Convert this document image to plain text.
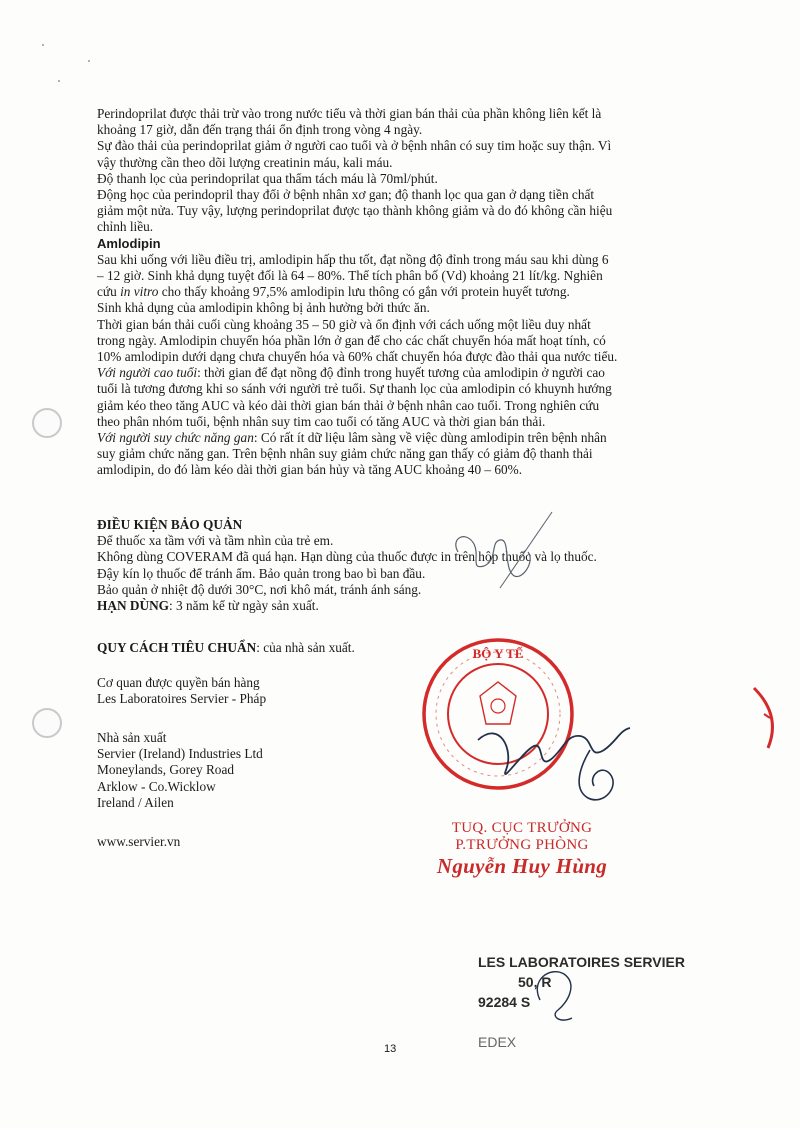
Perindoprilat được thải trừ vào trong nước tiểu và thời gian bán thải của phần không liên kết là

khoảng 17 giờ, dẫn đến trạng thái ổn định trong vòng 4 ngày.

Sự đào thải của perindoprilat giảm ở người cao tuổi và ở bệnh nhân có suy tim hoặc suy thận. Vì

vậy thường cần theo dõi lượng creatinin máu, kali máu.

Độ thanh lọc của perindoprilat qua thẩm tách máu là 70ml/phút.

Động học của perindopril thay đổi ở bệnh nhân xơ gan; độ thanh lọc qua gan ở dạng tiền chất

giảm một nửa. Tuy vậy, lượng perindoprilat được tạo thành không giảm và do đó không cần hiệu

chỉnh liều.

Amlodipin

Sau khi uống với liều điều trị, amlodipin hấp thu tốt, đạt nồng độ đỉnh trong máu sau khi dùng 6

– 12 giờ. Sinh khả dụng tuyệt đối là 64 – 80%. Thể tích phân bố (Vd) khoảng 21 lít/kg. Nghiên

cứu in vitro cho thấy khoảng 97,5% amlodipin lưu thông có gắn với protein huyết tương.

Sinh khả dụng của amlodipin không bị ảnh hưởng bởi thức ăn.

Thời gian bán thải cuối cùng khoảng 35 – 50 giờ và ổn định với cách uống một liều duy nhất

trong ngày. Amlodipin chuyển hóa phần lớn ở gan để cho các chất chuyển hóa mất hoạt tính, có

10% amlodipin dưới dạng chưa chuyển hóa và 60% chất chuyển hóa được đào thải qua nước tiểu.

Với người cao tuổi: thời gian để đạt nồng độ đỉnh trong huyết tương của amlodipin ở người cao

tuổi là tương đương khi so sánh với người trẻ tuổi. Sự thanh lọc của amlodipin có khuynh hướng

giảm kéo theo tăng AUC và kéo dài thời gian bán thải ở bệnh nhân cao tuổi. Trong nghiên cứu

theo phân nhóm tuổi, bệnh nhân suy tim cao tuổi có tăng AUC và thời gian bán thải.

Với người suy chức năng gan: Có rất ít dữ liệu lâm sàng về việc dùng amlodipin trên bệnh nhân

suy giảm chức năng gan. Trên bệnh nhân suy giảm chức năng gan thấy có giảm độ thanh thải

amlodipin, do đó làm kéo dài thời gian bán hủy và tăng AUC khoảng 40 – 60%.

ĐIỀU KIỆN BẢO QUẢN

Để thuốc xa tầm với và tầm nhìn của trẻ em.

Không dùng COVERAM đã quá hạn. Hạn dùng của thuốc được in trên hộp thuốc và lọ thuốc.

Đậy kín lọ thuốc để tránh ẩm. Bảo quản trong bao bì ban đầu.

Bảo quản ở nhiệt độ dưới 30°C, nơi khô mát, tránh ánh sáng.

HẠN DÙNG: 3 năm kể từ ngày sản xuất.

QUY CÁCH TIÊU CHUẨN: của nhà sản xuất.

Cơ quan được quyền bán hàng

Les Laboratoires Servier - Pháp

Nhà sản xuất

Servier (Ireland) Industries Ltd

Moneylands, Gorey Road

Arklow - Co.Wicklow

Ireland / Ailen

www.servier.vn

BỘ Y TẾ
TUQ. CỤC TRƯỞNG
P.TRƯỞNG PHÒNG
Nguyễn Huy Hùng
LES LABORATOIRES SERVIER
50, R
92284 S
EDEX
13
